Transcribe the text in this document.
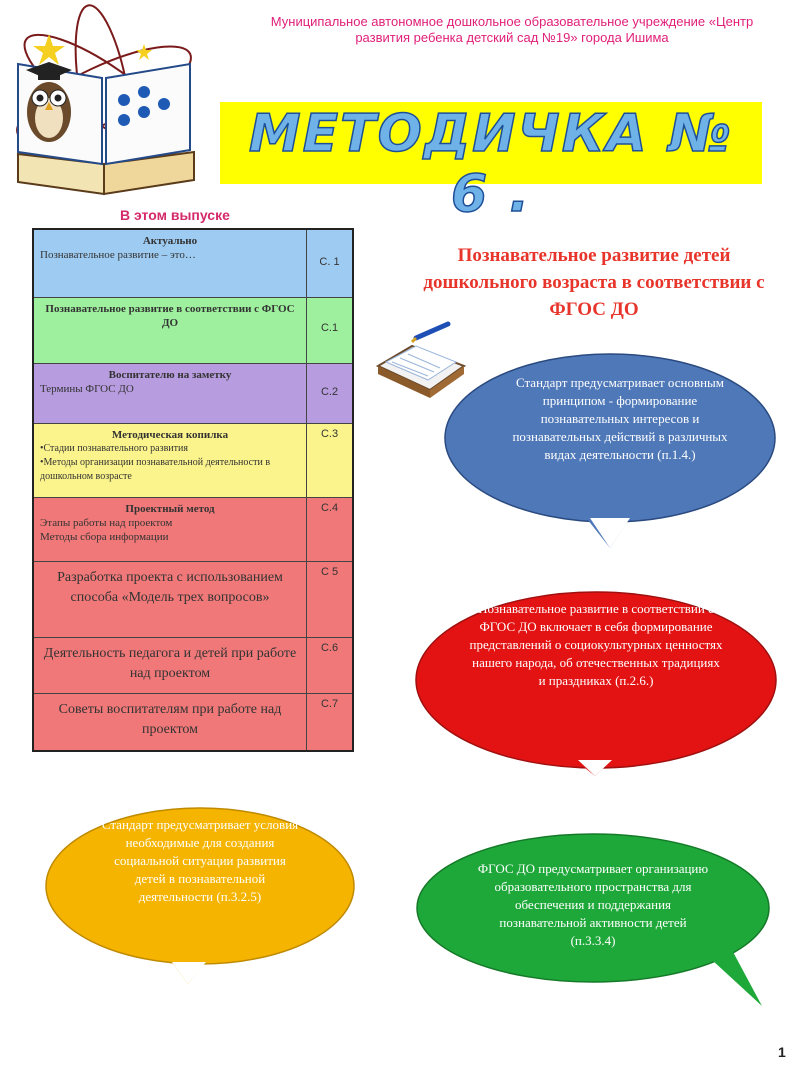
Муниципальное автономное дошкольное образовательное учреждение «Центр развития ребенка детский сад №19» города Ишима
МЕТОДИЧКА № 6 .
В этом выпуске
Актуально
Познавательное развитие – это…
С. 1
Познавательное развитие в соответствии с ФГОС ДО	С.1
Воспитателю на заметку
Термины ФГОС ДО	С.2
Методическая копилка
•Стадии познавательного развития
•Методы организации познавательной деятельности в дошкольном возрасте
С.3
Проектный метод
Этапы работы над проектом
Методы сбора информации
С.4
Разработка проекта с использованием способа «Модель трех вопросов»
С 5
Деятельность педагога и детей при работе над проектом
С.6
Советы воспитателям при работе над проектом
С.7
Познавательное развитие детей дошкольного возраста в соответствии с ФГОС ДО
Стандарт предусматривает основным принципом - формирование познавательных интересов и познавательных действий в различных видах деятельности (п.1.4.)
Познавательное развитие в соответствии с ФГОС ДО включает в себя формирование представлений о социокультурных ценностях нашего народа, об отечественных традициях и праздниках (п.2.6.)
Стандарт предусматривает условия необходимые для создания социальной ситуации развития детей в познавательной деятельности (п.3.2.5)
ФГОС ДО предусматривает организацию образовательного пространства для обеспечения и поддержания познавательной активности детей (п.3.3.4)
1
